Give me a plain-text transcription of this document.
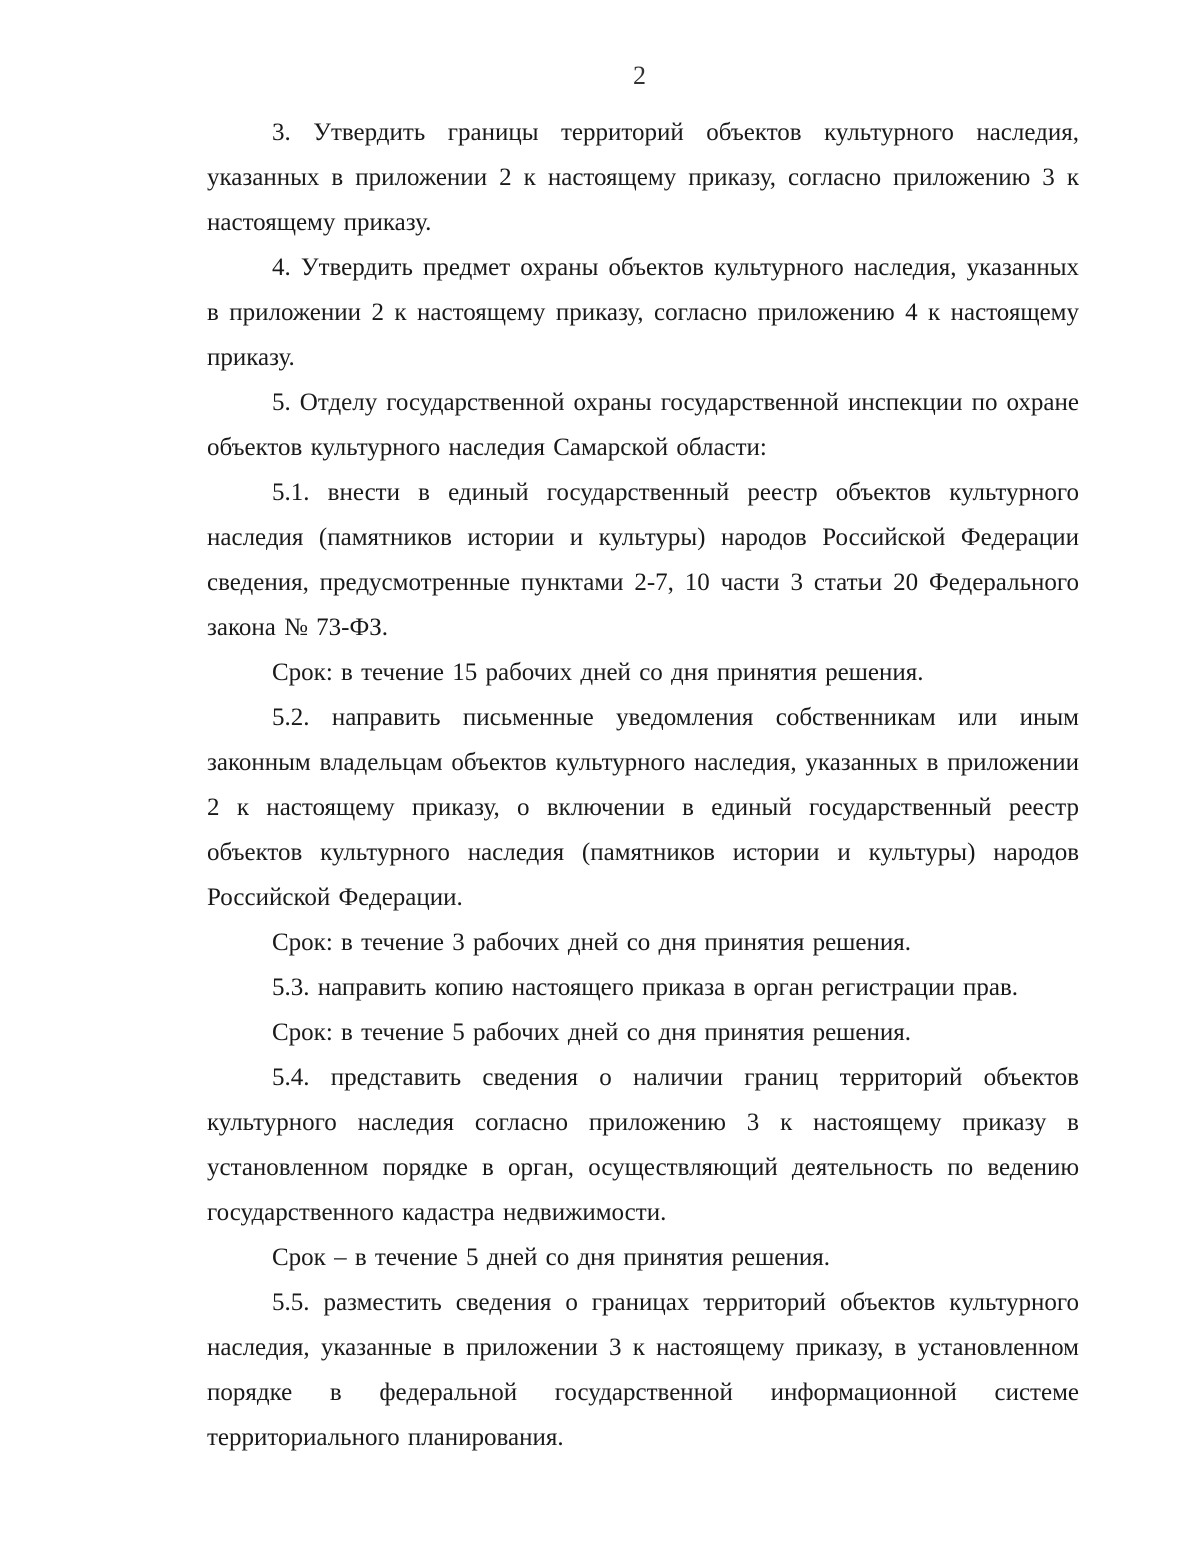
2

3. Утвердить границы территорий объектов культурного наследия, указанных в приложении 2 к настоящему приказу, согласно приложению 3 к настоящему приказу.

4. Утвердить предмет охраны объектов культурного наследия, указанных в приложении 2 к настоящему приказу, согласно приложению 4 к настоящему приказу.

5. Отделу государственной охраны государственной инспекции по охране объектов культурного наследия Самарской области:

5.1. внести в единый государственный реестр объектов культурного наследия (памятников истории и культуры) народов Российской Федерации сведения, предусмотренные пунктами 2-7, 10 части 3 статьи 20 Федерального закона № 73-ФЗ.

Срок: в течение 15 рабочих дней со дня принятия решения.

5.2. направить письменные уведомления собственникам или иным законным владельцам объектов культурного наследия, указанных в приложении 2 к настоящему приказу, о включении в единый государственный реестр объектов культурного наследия (памятников истории и культуры) народов Российской Федерации.

Срок: в течение 3 рабочих дней со дня принятия решения.

5.3. направить копию настоящего приказа в орган регистрации прав.

Срок: в течение 5 рабочих дней со дня принятия решения.

5.4. представить сведения о наличии границ территорий объектов культурного наследия согласно приложению 3 к настоящему приказу в установленном порядке в орган, осуществляющий деятельность по ведению государственного кадастра недвижимости.

Срок – в течение 5 дней со дня принятия решения.

5.5. разместить сведения о границах территорий объектов культурного наследия, указанные в приложении 3 к настоящему приказу, в установленном порядке в федеральной государственной информационной системе территориального планирования.
